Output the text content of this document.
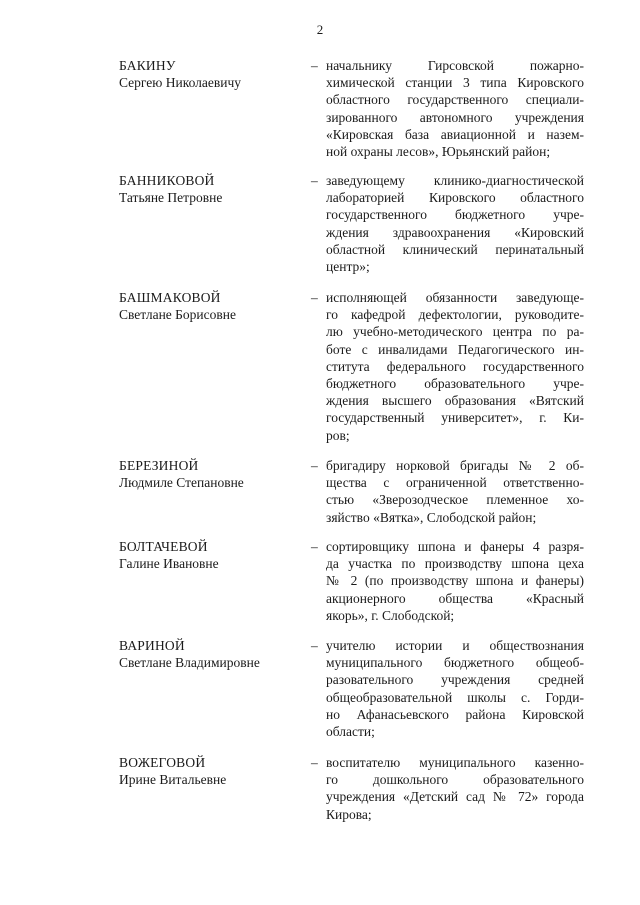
2
БАКИНУ
Сергею Николаевичу
– начальнику Гирсовской пожарно-
химической станции 3 типа Кировского
областного государственного специали-
зированного автономного учреждения
«Кировская база авиационной и назем-
ной охраны лесов», Юрьянский район;
БАННИКОВОЙ
Татьяне Петровне
– заведующему клинико-диагностической
лабораторией Кировского областного
государственного бюджетного учре-
ждения здравоохранения «Кировский
областной клинический перинатальный
центр»;
БАШМАКОВОЙ
Светлане Борисовне
– исполняющей обязанности заведующе-
го кафедрой дефектологии, руководите-
лю учебно-методического центра по ра-
боте с инвалидами Педагогического ин-
ститута федерального государственного
бюджетного образовательного учре-
ждения высшего образования «Вятский
государственный университет», г. Ки-
ров;
БЕРЕЗИНОЙ
Людмиле Степановне
– бригадиру норковой бригады № 2 об-
щества с ограниченной ответственно-
стью «Зверозодческое племенное хо-
зяйство «Вятка», Слободской район;
БОЛТАЧЕВОЙ
Галине Ивановне
– сортировщику шпона и фанеры 4 разря-
да участка по производству шпона цеха
№ 2 (по производству шпона и фанеры)
акционерного общества «Красный
якорь», г. Слободской;
ВАРИНОЙ
Светлане Владимировне
– учителю истории и обществознания
муниципального бюджетного общеоб-
разовательного учреждения средней
общеобразовательной школы с. Горди-
но Афанасьевского района Кировской
области;
ВОЖЕГОВОЙ
Ирине Витальевне
– воспитателю муниципального казенно-
го дошкольного образовательного
учреждения «Детский сад № 72» города
Кирова;
